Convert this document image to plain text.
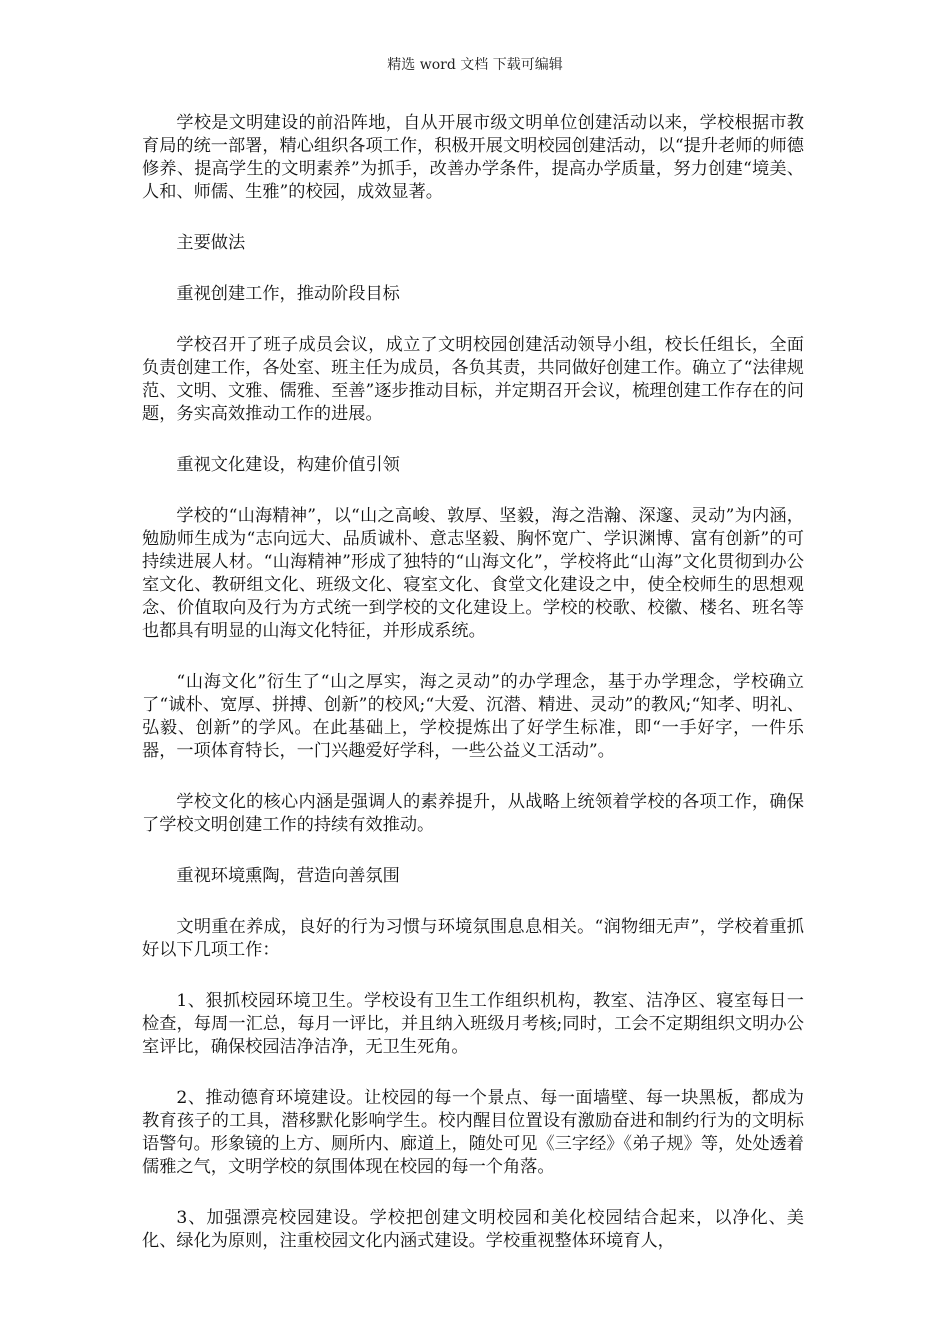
精选 word 文档 下载可编辑

学校是文明建设的前沿阵地，自从开展市级文明单位创建活动以来，学校根据市教育局的统一部署，精心组织各项工作，积极开展文明校园创建活动，以“提升老师的师德修养、提高学生的文明素养”为抓手，改善办学条件，提高办学质量，努力创建“境美、人和、师儒、生雅”的校园，成效显著。

主要做法

重视创建工作，推动阶段目标

学校召开了班子成员会议，成立了文明校园创建活动领导小组，校长任组长，全面负责创建工作，各处室、班主任为成员，各负其责，共同做好创建工作。确立了“法律规范、文明、文雅、儒雅、至善”逐步推动目标，并定期召开会议，梳理创建工作存在的问题，务实高效推动工作的进展。

重视文化建设，构建价值引领

学校的“山海精神”，以“山之高峻、敦厚、坚毅，海之浩瀚、深邃、灵动”为内涵，勉励师生成为“志向远大、品质诚朴、意志坚毅、胸怀宽广、学识渊博、富有创新”的可持续进展人材。“山海精神”形成了独特的“山海文化”，学校将此“山海”文化贯彻到办公室文化、教研组文化、班级文化、寝室文化、食堂文化建设之中，使全校师生的思想观念、价值取向及行为方式统一到学校的文化建设上。学校的校歌、校徽、楼名、班名等也都具有明显的山海文化特征，并形成系统。

“山海文化”衍生了“山之厚实，海之灵动”的办学理念，基于办学理念，学校确立了“诚朴、宽厚、拼搏、创新”的校风;“大爱、沉潜、精进、灵动”的教风;“知孝、明礼、弘毅、创新”的学风。在此基础上，学校提炼出了好学生标准，即“一手好字，一件乐器，一项体育特长，一门兴趣爱好学科，一些公益义工活动”。

学校文化的核心内涵是强调人的素养提升，从战略上统领着学校的各项工作，确保了学校文明创建工作的持续有效推动。

重视环境熏陶，营造向善氛围

文明重在养成，良好的行为习惯与环境氛围息息相关。“润物细无声”，学校着重抓好以下几项工作：

1、狠抓校园环境卫生。学校设有卫生工作组织机构，教室、洁净区、寝室每日一检查，每周一汇总，每月一评比，并且纳入班级月考核;同时，工会不定期组织文明办公室评比，确保校园洁净洁净，无卫生死角。

2、推动德育环境建设。让校园的每一个景点、每一面墙壁、每一块黑板，都成为教育孩子的工具，潜移默化影响学生。校内醒目位置设有激励奋进和制约行为的文明标语警句。形象镜的上方、厕所内、廊道上，随处可见《三字经》《弟子规》等，处处透着儒雅之气，文明学校的氛围体现在校园的每一个角落。

3、加强漂亮校园建设。学校把创建文明校园和美化校园结合起来，以净化、美化、绿化为原则，注重校园文化内涵式建设。学校重视整体环境育人，
